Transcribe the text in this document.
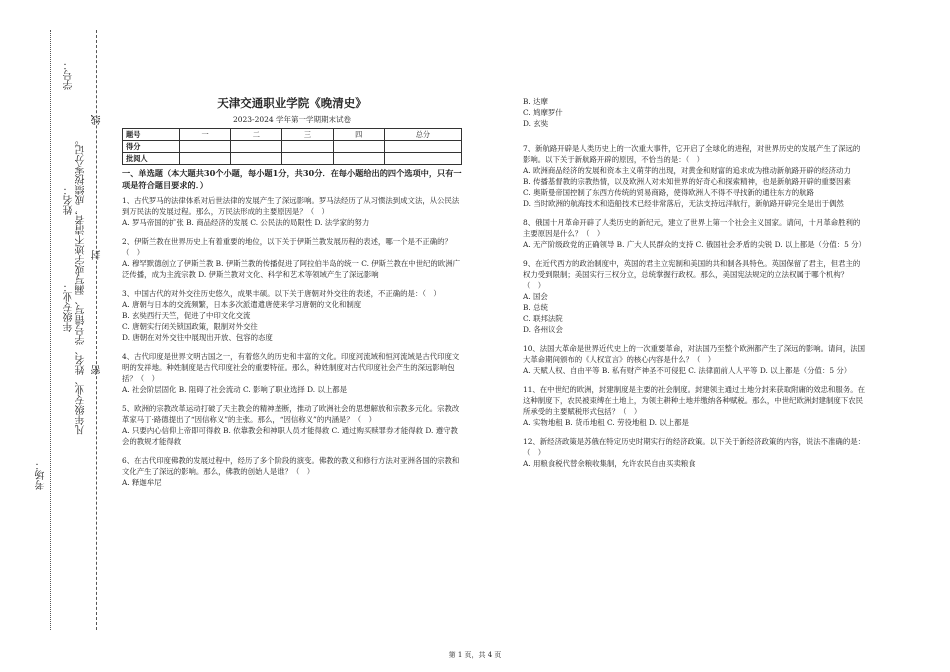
学号：
姓名：
年级专业： 凡年级专业、姓名、学号错写、漏写或字迹不清者，成绩按零分记。
线
封
密
考场：
天津交通职业学院《晚清史》
2023-2024 学年第一学期期末试卷
题号	一	二	三	四	总分
得分					
批阅人					
一、单选题（本大题共30个小题，每小题1分，共30分．在每小题给出的四个选项中，只有一项是符合题目要求的．）

1、古代罗马的法律体系对后世法律的发展产生了深远影响。罗马法经历了从习惯法到成文法，从公民法到万民法的发展过程。那么，万民法形成的主要原因是？（　）

A. 罗马帝国的扩张 B. 商品经济的发展 C. 公民法的局限性 D. 法学家的努力

2、伊斯兰教在世界历史上有着重要的地位，以下关于伊斯兰教发展历程的表述，哪一个是不正确的？（　）

A. 穆罕默德创立了伊斯兰教 B. 伊斯兰教的传播促进了阿拉伯半岛的统一 C. 伊斯兰教在中世纪的欧洲广泛传播，成为主流宗教 D. 伊斯兰教对文化、科学和艺术等领域产生了深远影响

3、中国古代的对外交往历史悠久，成果丰硕。以下关于唐朝对外交往的表述，不正确的是：（　）

A. 唐朝与日本的交流频繁，日本多次派遣遣唐使来学习唐朝的文化和制度

B. 玄奘西行天竺，促进了中印文化交流

C. 唐朝实行闭关锁国政策，限制对外交往

D. 唐朝在对外交往中展现出开放、包容的态度

4、古代印度是世界文明古国之一，有着悠久的历史和丰富的文化。印度河流域和恒河流域是古代印度文明的发祥地。种姓制度是古代印度社会的重要特征。那么，种姓制度对古代印度社会产生的深远影响包括？（　）

A. 社会阶层固化 B. 阻碍了社会流动 C. 影响了职业选择 D. 以上都是

5、欧洲的宗教改革运动打破了天主教会的精神垄断，推动了欧洲社会的思想解放和宗教多元化。宗教改革家马丁·路德提出了“因信称义”的主张。那么，“因信称义”的内涵是？（　）

A. 只要内心信仰上帝即可得救 B. 依靠教会和神职人员才能得救 C. 通过购买赎罪券才能得救 D. 遵守教会的教规才能得救

6、在古代印度佛教的发展过程中，经历了多个阶段的演变。佛教的教义和修行方法对亚洲各国的宗教和文化产生了深远的影响。那么，佛教的创始人是谁？（　）

A. 释迦牟尼

B. 达摩

C. 鸠摩罗什

D. 玄奘

7、新航路开辟是人类历史上的一次重大事件，它开启了全球化的进程，对世界历史的发展产生了深远的影响。以下关于新航路开辟的原因，不恰当的是：（　）

A. 欧洲商品经济的发展和资本主义萌芽的出现，对黄金和财富的追求成为推动新航路开辟的经济动力

B. 传播基督教的宗教热情，以及欧洲人对未知世界的好奇心和探索精神，也是新航路开辟的重要因素

C. 奥斯曼帝国控制了东西方传统的贸易商路，使得欧洲人不得不寻找新的通往东方的航路

D. 当时欧洲的航海技术和造船技术已经非常落后，无法支持远洋航行，新航路开辟完全是出于偶然

8、俄国十月革命开辟了人类历史的新纪元，建立了世界上第一个社会主义国家。请问，十月革命胜利的主要原因是什么？（　）

A. 无产阶级政党的正确领导 B. 广大人民群众的支持 C. 俄国社会矛盾的尖锐 D. 以上都是（分值：5 分）

9、在近代西方的政治制度中，英国的君主立宪制和美国的共和制各具特色。英国保留了君主，但君主的权力受到限制；美国实行三权分立，总统掌握行政权。那么，美国宪法规定的立法权属于哪个机构？（　）

A. 国会

B. 总统

C. 联邦法院

D. 各州议会

10、法国大革命是世界近代史上的一次重要革命，对法国乃至整个欧洲都产生了深远的影响。请问，法国大革命期间颁布的《人权宣言》的核心内容是什么？（　）

A. 天赋人权、自由平等 B. 私有财产神圣不可侵犯 C. 法律面前人人平等 D. 以上都是（分值：5 分）

11、在中世纪的欧洲，封建制度是主要的社会制度。封建领主通过土地分封来获取附庸的效忠和服务。在这种制度下，农民被束缚在土地上，为领主耕种土地并缴纳各种赋税。那么，中世纪欧洲封建制度下农民所承受的主要赋税形式包括？（　）

A. 实物地租 B. 货币地租 C. 劳役地租 D. 以上都是

12、新经济政策是苏俄在特定历史时期实行的经济政策。以下关于新经济政策的内容，说法不准确的是：（　）

A. 用粮食税代替余粮收集制，允许农民自由买卖粮食

第 1 页，共 4 页
